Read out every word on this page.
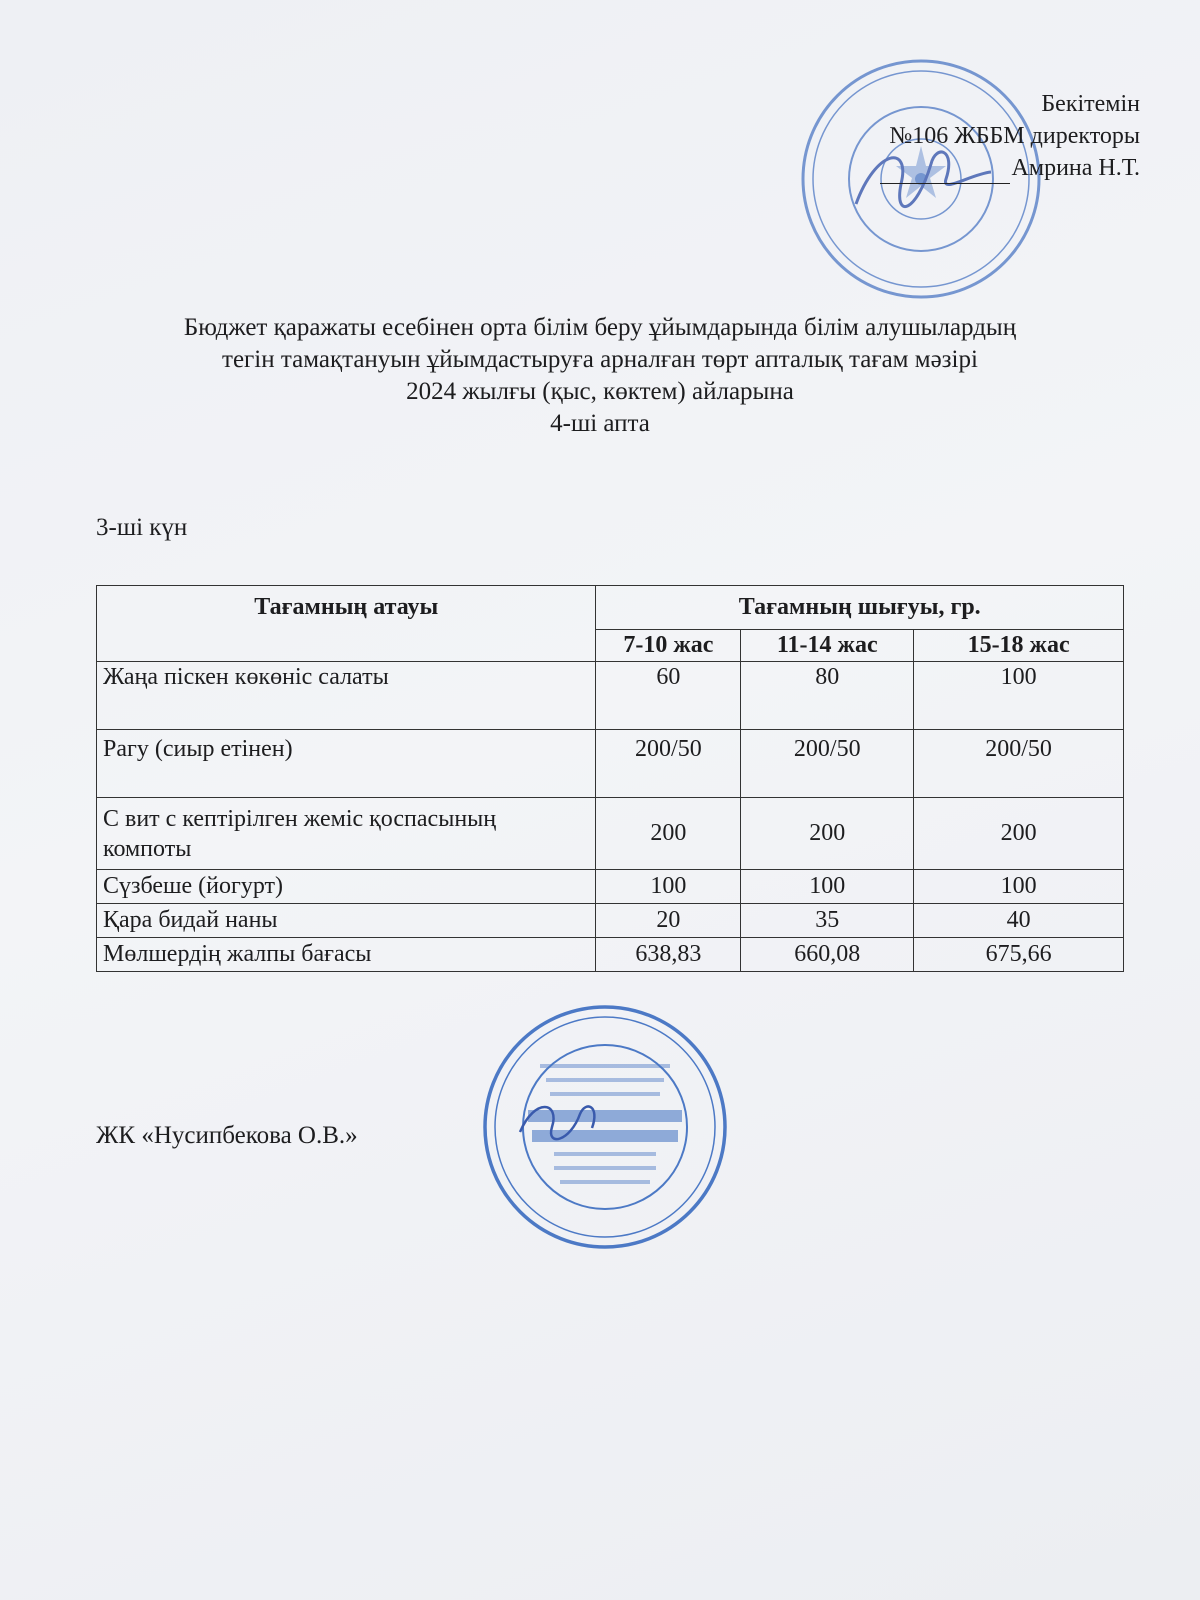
Бекітемін
№106 ЖББМ директоры
Амрина Н.Т.
Бюджет қаражаты есебінен орта білім беру ұйымдарында білім алушылардың
тегін тамақтануын ұйымдастыруға арналған төрт апталық тағам мәзірі
2024 жылғы (қыс, көктем) айларына
4-ші апта
3-ші күн
Тағамның атауы	Тағамның шығуы, гр.		
	7-10 жас	11-14 жас	15-18 жас
Жаңа піскен көкөніс салаты	60	80	100
Рагу (сиыр етінен)	200/50	200/50	200/50
С вит с кептірілген жеміс қоспасының компоты	200	200	200
Сүзбеше (йогурт)	100	100	100
Қара бидай наны	20	35	40
Мөлшердің жалпы бағасы	638,83	660,08	675,66
ЖК «Нусипбекова О.В.»
